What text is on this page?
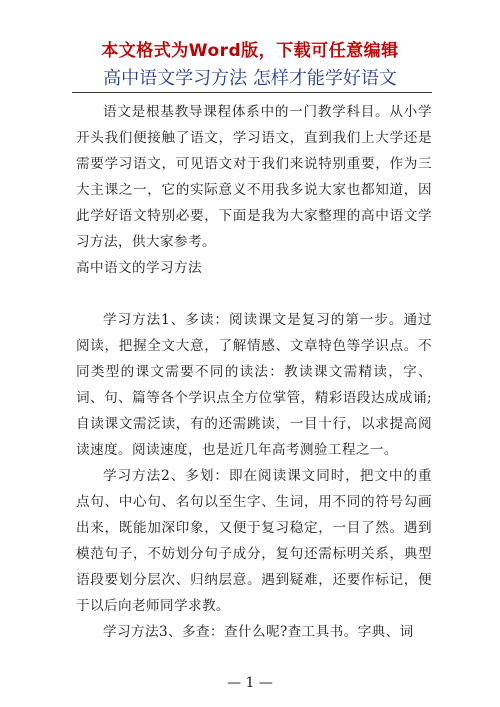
本文格式为Word版，下载可任意编辑
高中语文学习方法 怎样才能学好语文

语文是根基教导课程体系中的一门教学科目。从小学开头我们便接触了语文，学习语文，直到我们上大学还是需要学习语文，可见语文对于我们来说特别重要，作为三大主课之一，它的实际意义不用我多说大家也都知道，因此学好语文特别必要，下面是我为大家整理的高中语文学习方法，供大家参考。

高中语文的学习方法

学习方法1、多读：阅读课文是复习的第一步。通过阅读，把握全文大意，了解情感、文章特色等学识点。不同类型的课文需要不同的读法：教读课文需精读，字、词、句、篇等各个学识点全方位掌管，精彩语段达成成诵;自读课文需泛读，有的还需跳读，一目十行，以求提高阅读速度。阅读速度，也是近几年高考测验工程之一。

学习方法2、多划：即在阅读课文同时，把文中的重点句、中心句、名句以至生字、生词，用不同的符号勾画出来，既能加深印象，又便于复习稳定，一目了然。遇到模范句子，不妨划分句子成分，复句还需标明关系，典型语段要划分层次、归纳层意。遇到疑难，还要作标记，便于以后向老师同学求教。

学习方法3、多查：查什么呢?查工具书。字典、词

— 1 —
